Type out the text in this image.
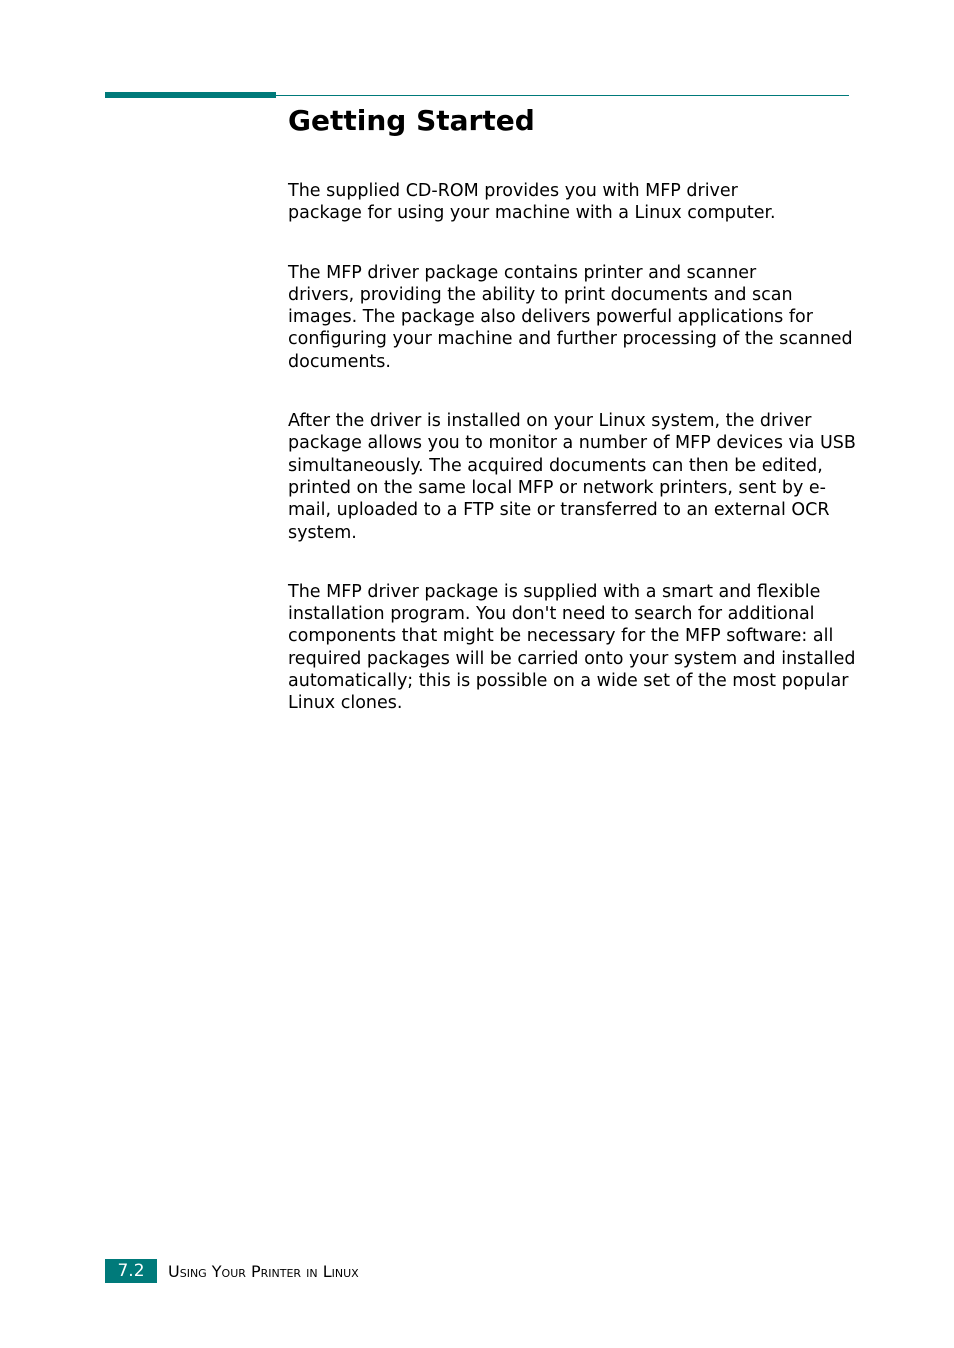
Getting Started

The supplied CD-ROM provides you with MFP driver
package for using your machine with a Linux computer.

The MFP driver package contains printer and scanner
drivers, providing the ability to print documents and scan
images. The package also delivers powerful applications for
configuring your machine and further processing of the scanned
documents.

After the driver is installed on your Linux system, the driver
package allows you to monitor a number of MFP devices via USB
simultaneously. The acquired documents can then be edited,
printed on the same local MFP or network printers, sent by e-
mail, uploaded to a FTP site or transferred to an external OCR
system.

The MFP driver package is supplied with a smart and flexible
installation program. You don't need to search for additional
components that might be necessary for the MFP software: all
required packages will be carried onto your system and installed
automatically; this is possible on a wide set of the most popular
Linux clones.

7.2	Using Your Printer in Linux
